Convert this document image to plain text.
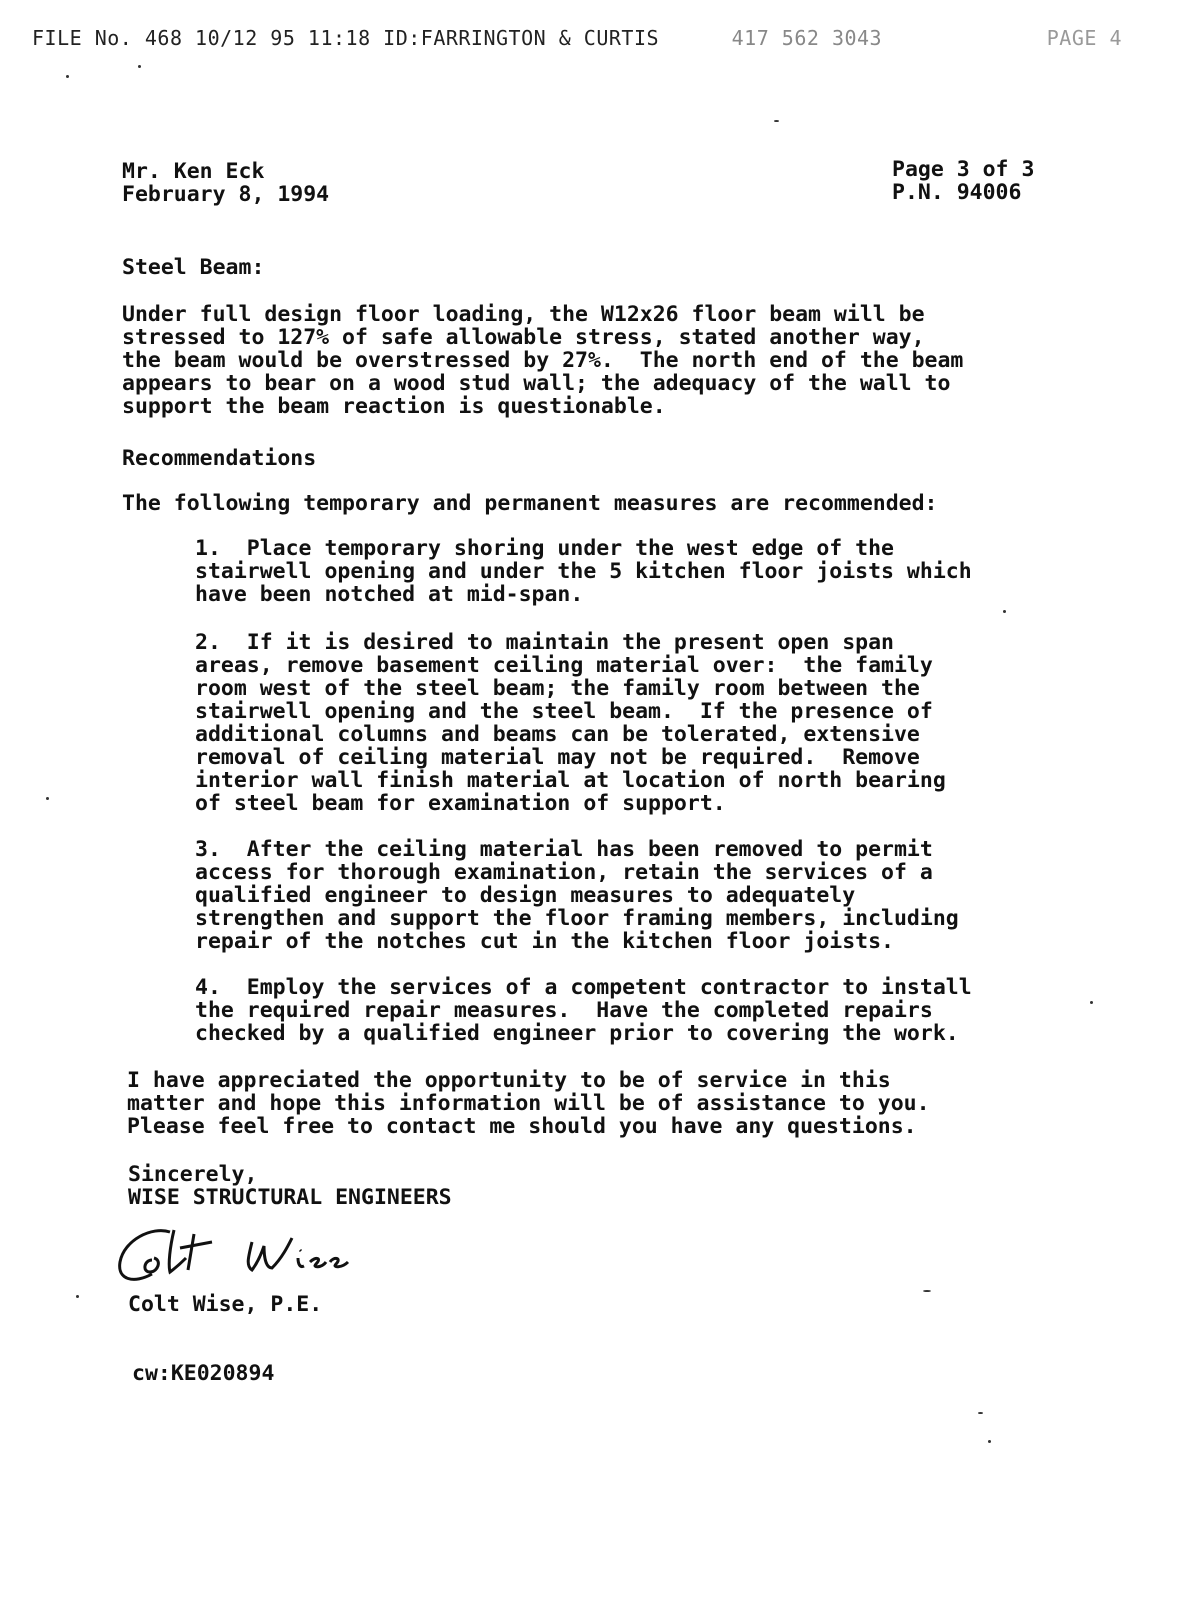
FILE No. 468 10/12 95 11:18 ID:FARRINGTON & CURTIS	417 562 3043	PAGE 4
Mr. Ken Eck
February 8, 1994
Page 3 of 3
P.N. 94006
Steel Beam:
Under full design floor loading, the W12x26 floor beam will be
stressed to 127% of safe allowable stress, stated another way,
the beam would be overstressed by 27%.  The north end of the beam
appears to bear on a wood stud wall; the adequacy of the wall to
support the beam reaction is questionable.
Recommendations
The following temporary and permanent measures are recommended:
1.  Place temporary shoring under the west edge of the
stairwell opening and under the 5 kitchen floor joists which
have been notched at mid-span.
2.  If it is desired to maintain the present open span
areas, remove basement ceiling material over:  the family
room west of the steel beam; the family room between the
stairwell opening and the steel beam.  If the presence of
additional columns and beams can be tolerated, extensive
removal of ceiling material may not be required.  Remove
interior wall finish material at location of north bearing
of steel beam for examination of support.
3.  After the ceiling material has been removed to permit
access for thorough examination, retain the services of a
qualified engineer to design measures to adequately
strengthen and support the floor framing members, including
repair of the notches cut in the kitchen floor joists.
4.  Employ the services of a competent contractor to install
the required repair measures.  Have the completed repairs
checked by a qualified engineer prior to covering the work.
I have appreciated the opportunity to be of service in this
matter and hope this information will be of assistance to you.
Please feel free to contact me should you have any questions.
Sincerely,
WISE STRUCTURAL ENGINEERS
Colt Wise, P.E.
cw:KE020894
